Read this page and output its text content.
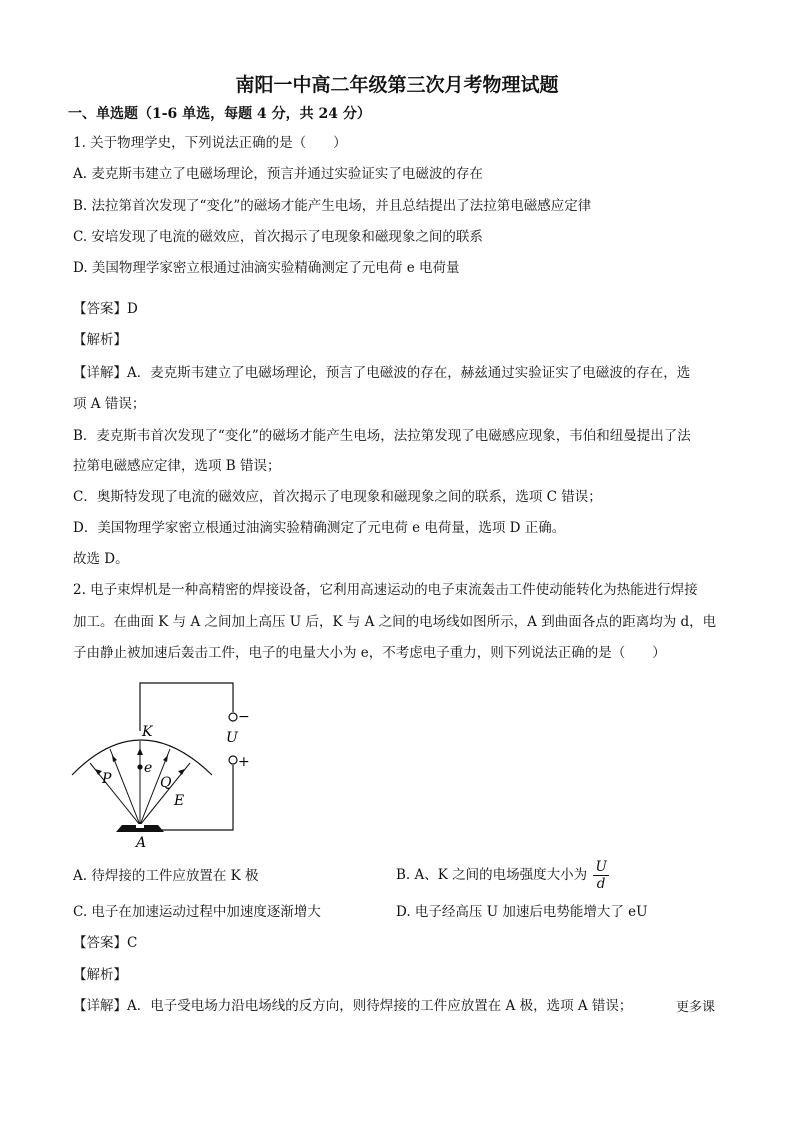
南阳一中高二年级第三次月考物理试题
一、单选题（1-6 单选，每题 4 分，共 24 分）
1. 关于物理学史，下列说法正确的是（　　）
A. 麦克斯韦建立了电磁场理论，预言并通过实验证实了电磁波的存在
B. 法拉第首次发现了“变化”的磁场才能产生电场，并且总结提出了法拉第电磁感应定律
C. 安培发现了电流的磁效应，首次揭示了电现象和磁现象之间的联系
D. 美国物理学家密立根通过油滴实验精确测定了元电荷 e 电荷量
【答案】D
【解析】
【详解】A．麦克斯韦建立了电磁场理论，预言了电磁波的存在，赫兹通过实验证实了电磁波的存在，选
项 A 错误；
B．麦克斯韦首次发现了“变化”的磁场才能产生电场，法拉第发现了电磁感应现象，韦伯和纽曼提出了法
拉第电磁感应定律，选项 B 错误；
C．奥斯特发现了电流的磁效应，首次揭示了电现象和磁现象之间的联系，选项 C 错误；
D．美国物理学家密立根通过油滴实验精确测定了元电荷 e 电荷量，选项 D 正确。
故选 D。
2. 电子束焊机是一种高精密的焊接设备，它利用高速运动的电子束流轰击工件使动能转化为热能进行焊接
加工。在曲面 K 与 A 之间加上高压 U 后，K 与 A 之间的电场线如图所示，A 到曲面各点的距离均为 d，电
子由静止被加速后轰击工件，电子的电量大小为 e，不考虑电子重力，则下列说法正确的是（　　）
−
+
U
K
e
P	Q
E
A
A. 待焊接的工件应放置在 K 极	B. A、K 之间的电场强度大小为 $\frac{U}{d}$
C. 电子在加速运动过程中加速度逐渐增大	D. 电子经高压 U 加速后电势能增大了 eU
【答案】C
【解析】
【详解】A．电子受电场力沿电场线的反方向，则待焊接的工件应放置在 A 极，选项 A 错误；	更多课
